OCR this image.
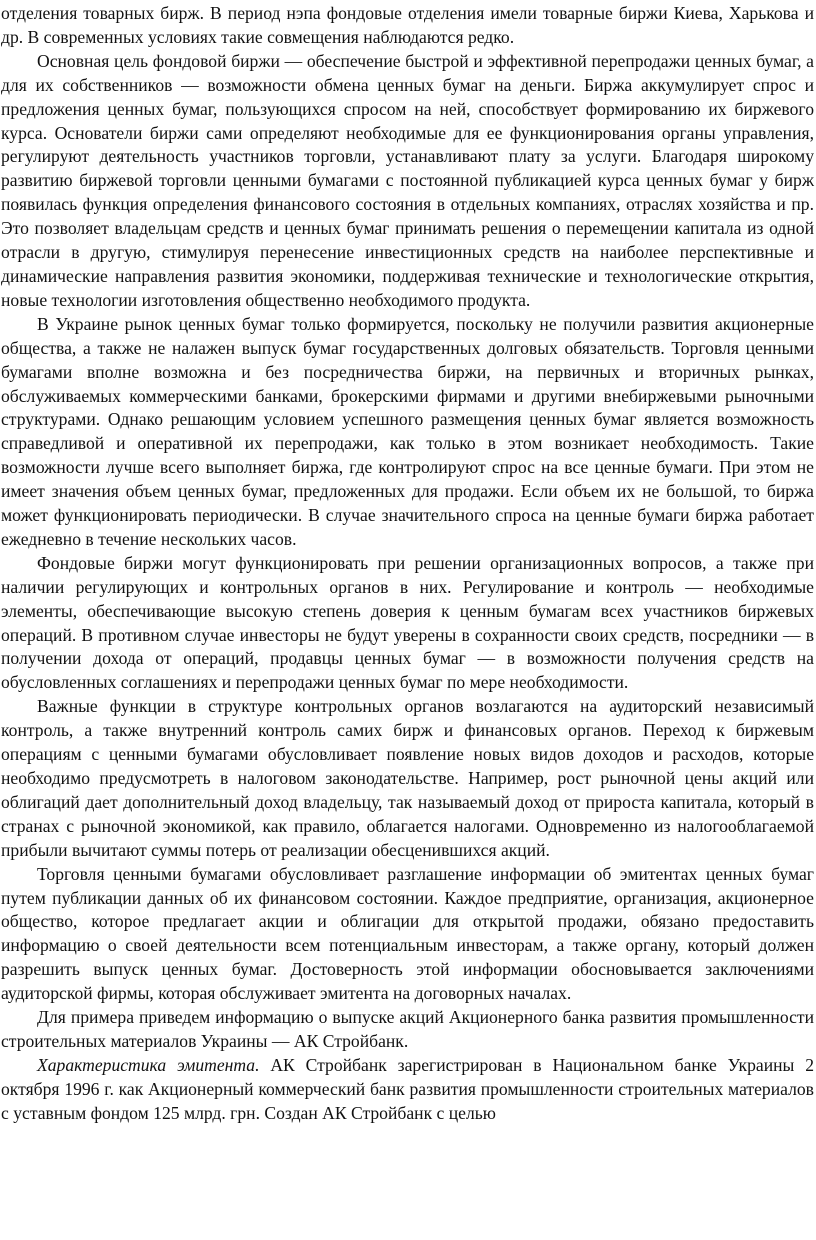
отделения товарных бирж. В период нэпа фондовые отделения имели товарные биржи Киева, Харькова и др. В современных условиях такие совмещения наблюдаются редко.

Основная цель фондовой биржи — обеспечение быстрой и эффективной перепродажи ценных бумаг, а для их собственников — возможности обмена ценных бумаг на деньги. Биржа аккумулирует спрос и предложения ценных бумаг, пользующихся спросом на ней, способствует формированию их биржевого курса. Основатели биржи сами определяют необходимые для ее функционирования органы управления, регулируют деятельность участников торговли, устанавливают плату за услуги. Благодаря широкому развитию биржевой торговли ценными бумагами с постоянной публикацией курса ценных бумаг у бирж появилась функция определения финансового состояния в отдельных компаниях, отраслях хозяйства и пр. Это позволяет владельцам средств и ценных бумаг принимать решения о перемещении капитала из одной отрасли в другую, стимулируя перенесение инвестиционных средств на наиболее перспективные и динамические направления развития экономики, поддерживая технические и технологические открытия, новые технологии изготовления общественно необходимого продукта.

В Украине рынок ценных бумаг только формируется, поскольку не получили развития акционерные общества, а также не налажен выпуск бумаг государственных долговых обязательств. Торговля ценными бумагами вполне возможна и без посредничества биржи, на первичных и вторичных рынках, обслуживаемых коммерческими банками, брокерскими фирмами и другими внебиржевыми рыночными структурами. Однако решающим условием успешного размещения ценных бумаг является возможность справедливой и оперативной их перепродажи, как только в этом возникает необходимость. Такие возможности лучше всего выполняет биржа, где контролируют спрос на все ценные бумаги. При этом не имеет значения объем ценных бумаг, предложенных для продажи. Если объем их не большой, то биржа может функционировать периодически. В случае значительного спроса на ценные бумаги биржа работает ежедневно в течение нескольких часов.

Фондовые биржи могут функционировать при решении организационных вопросов, а также при наличии регулирующих и контрольных органов в них. Регулирование и контроль — необходимые элементы, обеспечивающие высокую степень доверия к ценным бумагам всех участников биржевых операций. В противном случае инвесторы не будут уверены в сохранности своих средств, посредники — в получении дохода от операций, продавцы ценных бумаг — в возможности получения средств на обусловленных соглашениях и перепродажи ценных бумаг по мере необходимости.

Важные функции в структуре контрольных органов возлагаются на аудиторский независимый контроль, а также внутренний контроль самих бирж и финансовых органов. Переход к биржевым операциям с ценными бумагами обусловливает появление новых видов доходов и расходов, которые необходимо предусмотреть в налоговом законодательстве. Например, рост рыночной цены акций или облигаций дает дополнительный доход владельцу, так называемый доход от прироста капитала, который в странах с рыночной экономикой, как правило, облагается налогами. Одновременно из налогооблагаемой прибыли вычитают суммы потерь от реализации обесценившихся акций.

Торговля ценными бумагами обусловливает разглашение информации об эмитентах ценных бумаг путем публикации данных об их финансовом состоянии. Каждое предприятие, организация, акционерное общество, которое предлагает акции и облигации для открытой продажи, обязано предоставить информацию о своей деятельности всем потенциальным инвесторам, а также органу, который должен разрешить выпуск ценных бумаг. Достоверность этой информации обосновывается заключениями аудиторской фирмы, которая обслуживает эмитента на договорных началах.

Для примера приведем информацию о выпуске акций Акционерного банка развития промышленности строительных материалов Украины — АК Стройбанк.

Характеристика эмитента. АК Стройбанк зарегистрирован в Национальном банке Украины 2 октября 1996 г. как Акционерный коммерческий банк развития промышленности строительных материалов с уставным фондом 125 млрд. грн. Создан АК Стройбанк с целью
